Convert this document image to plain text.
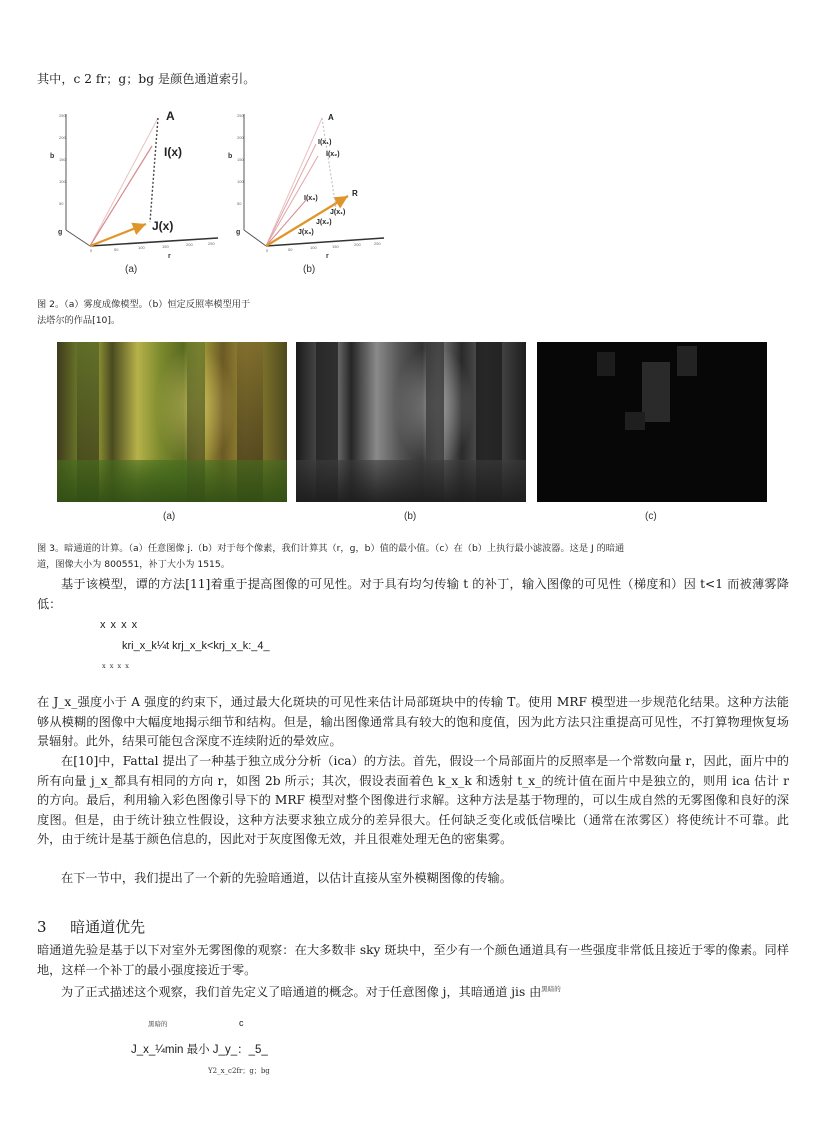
其中，c 2 fr；g；bg 是颜色通道索引。
A
I(x)
J(x)
b
g
r
250
200
150
100
50
0	50	100	150	200	250
(a)
A
I(x₁)
I(x₂)
I(x₃)
R
J(x₁)
J(x₂)
J(x₃)
b
g
r
250
200
150
100
50
0	50	100	150	200	250
(b)
图 2。（a）雾度成像模型。（b）恒定反照率模型用于
法塔尔的作品[10]。
(a)	(b)	(c)
图 3。暗通道的计算。（a）任意图像 j.（b）对于每个像素，我们计算其（r，g，b）值的最小值。（c）在（b）上执行最小滤波器。这是 J 的暗通
道，图像大小为 800551，补丁大小为 1515。
基于该模型，谭的方法[11]着重于提高图像的可见性。对于具有均匀传输 t 的补丁，输入图像的可见性（梯度和）因 t<1 而被薄雾降低：
x x x x
kri_x_k¼t krj_x_k<krj_x_k:_4_
x x x x
在 J_x_强度小于 A 强度的约束下，通过最大化斑块的可见性来估计局部斑块中的传输 T。使用 MRF 模型进一步规范化结果。这种方法能够从模糊的图像中大幅度地揭示细节和结构。但是，输出图像通常具有较大的饱和度值，因为此方法只注重提高可见性，不打算物理恢复场景辐射。此外，结果可能包含深度不连续附近的晕效应。
在[10]中，Fattal 提出了一种基于独立成分分析（ica）的方法。首先，假设一个局部面片的反照率是一个常数向量 r，因此，面片中的所有向量 j_x_都具有相同的方向 r，如图 2b 所示；其次，假设表面着色 k_x_k 和透射 t_x_的统计值在面片中是独立的，则用 ica 估计 r 的方向。最后，利用输入彩色图像引导下的 MRF 模型对整个图像进行求解。这种方法是基于物理的，可以生成自然的无雾图像和良好的深度图。但是，由于统计独立性假设，这种方法要求独立成分的差异很大。任何缺乏变化或低信噪比（通常在浓雾区）将使统计不可靠。此外，由于统计是基于颜色信息的，因此对于灰度图像无效，并且很难处理无色的密集雾。
在下一节中，我们提出了一个新的先验暗通道，以估计直接从室外模糊图像的传输。
3 暗通道优先
暗通道先验是基于以下对室外无雾图像的观察：在大多数非 sky 斑块中，至少有一个颜色通道具有一些强度非常低且接近于零的像素。同样地，这样一个补丁的最小强度接近于零。
为了正式描述这个观察，我们首先定义了暗通道的概念。对于任意图像 j，其暗通道 jis 由$^{黑暗的}$
黑暗的	c
J_x_¼min 最小 J_y_：_5_
Y2_x_c2fr；g；bg
